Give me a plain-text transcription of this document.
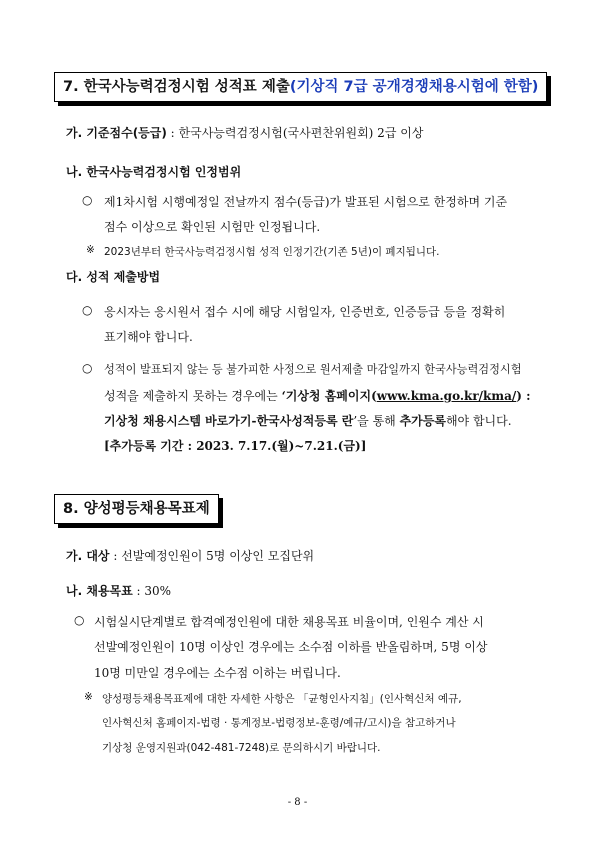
7. 한국사능력검정시험 성적표 제출(기상직 7급 공개경쟁채용시험에 한함)
가. 기준점수(등급) : 한국사능력검정시험(국사편찬위원회) 2급 이상
나. 한국사능력검정시험 인정범위
○ 제1차시험 시행예정일 전날까지 점수(등급)가 발표된 시험으로 한정하며 기준
점수 이상으로 확인된 시험만 인정됩니다.
※ 2023년부터 한국사능력검정시험 성적 인정기간(기존 5년)이 폐지됩니다.
다. 성적 제출방법
○ 응시자는 응시원서 접수 시에 해당 시험일자, 인증번호, 인증등급 등을 정확히
표기해야 합니다.
○ 성적이 발표되지 않는 등 불가피한 사정으로 원서제출 마감일까지 한국사능력검정시험
성적을 제출하지 못하는 경우에는 ‘기상청 홈페이지(www.kma.go.kr/kma/) :
기상청 채용시스템 바로가기-한국사성적등록 란’을 통해 추가등록해야 합니다.
[추가등록 기간 : 2023. 7.17.(월)~7.21.(금)]
8. 양성평등채용목표제
가. 대상 : 선발예정인원이 5명 이상인 모집단위
나. 채용목표 : 30%
○ 시험실시단계별로 합격예정인원에 대한 채용목표 비율이며, 인원수 계산 시
선발예정인원이 10명 이상인 경우에는 소수점 이하를 반올림하며, 5명 이상
10명 미만일 경우에는 소수점 이하는 버립니다.
※ 양성평등채용목표제에 대한 자세한 사항은 「균형인사지침」(인사혁신처 예규,
인사혁신처 홈페이지-법령 · 통계정보-법령정보-훈령/예규/고시)을 참고하거나
기상청 운영지원과(042-481-7248)로 문의하시기 바랍니다.
- 8 -
